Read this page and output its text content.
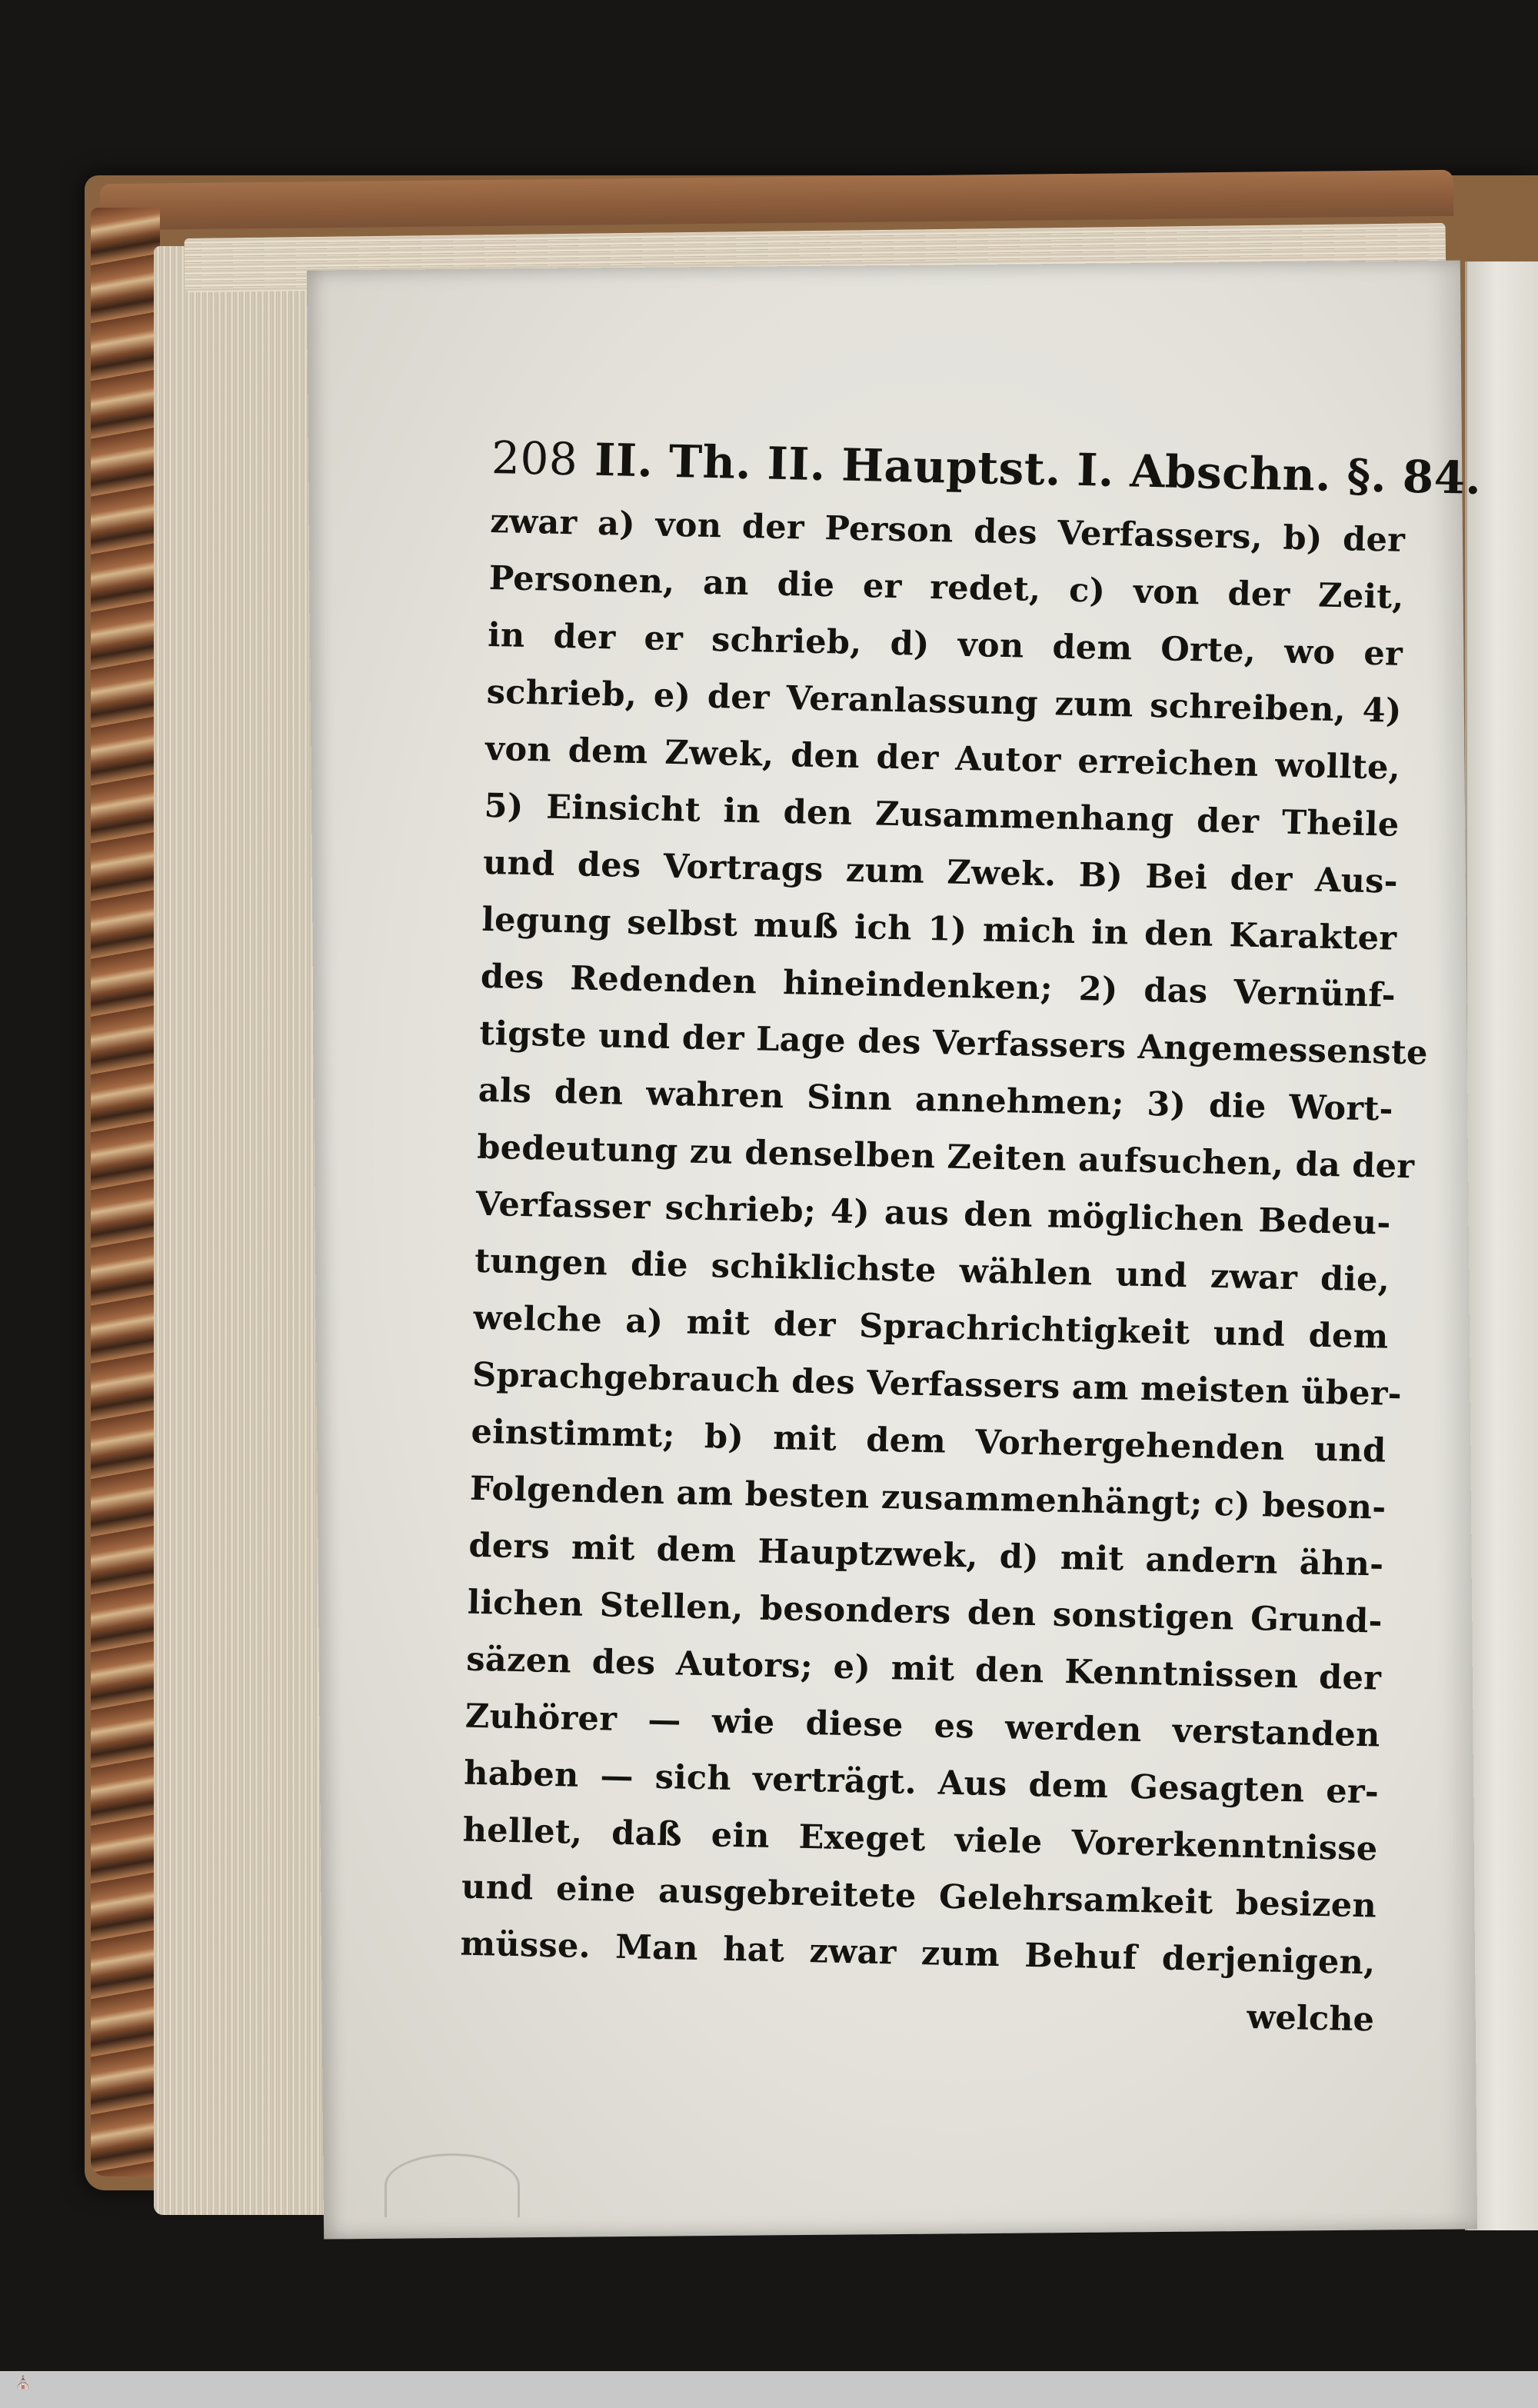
208 II. Th. II. Hauptst. I. Abschn. §. 84.
zwar a) von der Person des Verfassers, b) der
Personen, an die er redet, c) von der Zeit,
in der er schrieb, d) von dem Orte, wo er
schrieb, e) der Veranlassung zum schreiben, 4)
von dem Zwek, den der Autor erreichen wollte,
5) Einsicht in den Zusammenhang der Theile
und des Vortrags zum Zwek. B) Bei der Aus-
legung selbst muß ich 1) mich in den Karakter
des Redenden hineindenken; 2) das Vernünf-
tigste und der Lage des Verfassers Angemessenste
als den wahren Sinn annehmen; 3) die Wort-
bedeutung zu denselben Zeiten aufsuchen, da der
Verfasser schrieb; 4) aus den möglichen Bedeu-
tungen die schiklichste wählen und zwar die,
welche a) mit der Sprachrichtigkeit und dem
Sprachgebrauch des Verfassers am meisten über-
einstimmt; b) mit dem Vorhergehenden und
Folgenden am besten zusammenhängt; c) beson-
ders mit dem Hauptzwek, d) mit andern ähn-
lichen Stellen, besonders den sonstigen Grund-
säzen des Autors; e) mit den Kenntnissen der
Zuhörer — wie diese es werden verstanden
haben — sich verträgt. Aus dem Gesagten er-
hellet, daß ein Exeget viele Vorerkenntnisse
und eine ausgebreitete Gelehrsamkeit besizen
müsse. Man hat zwar zum Behuf derjenigen,
welche
⛪
